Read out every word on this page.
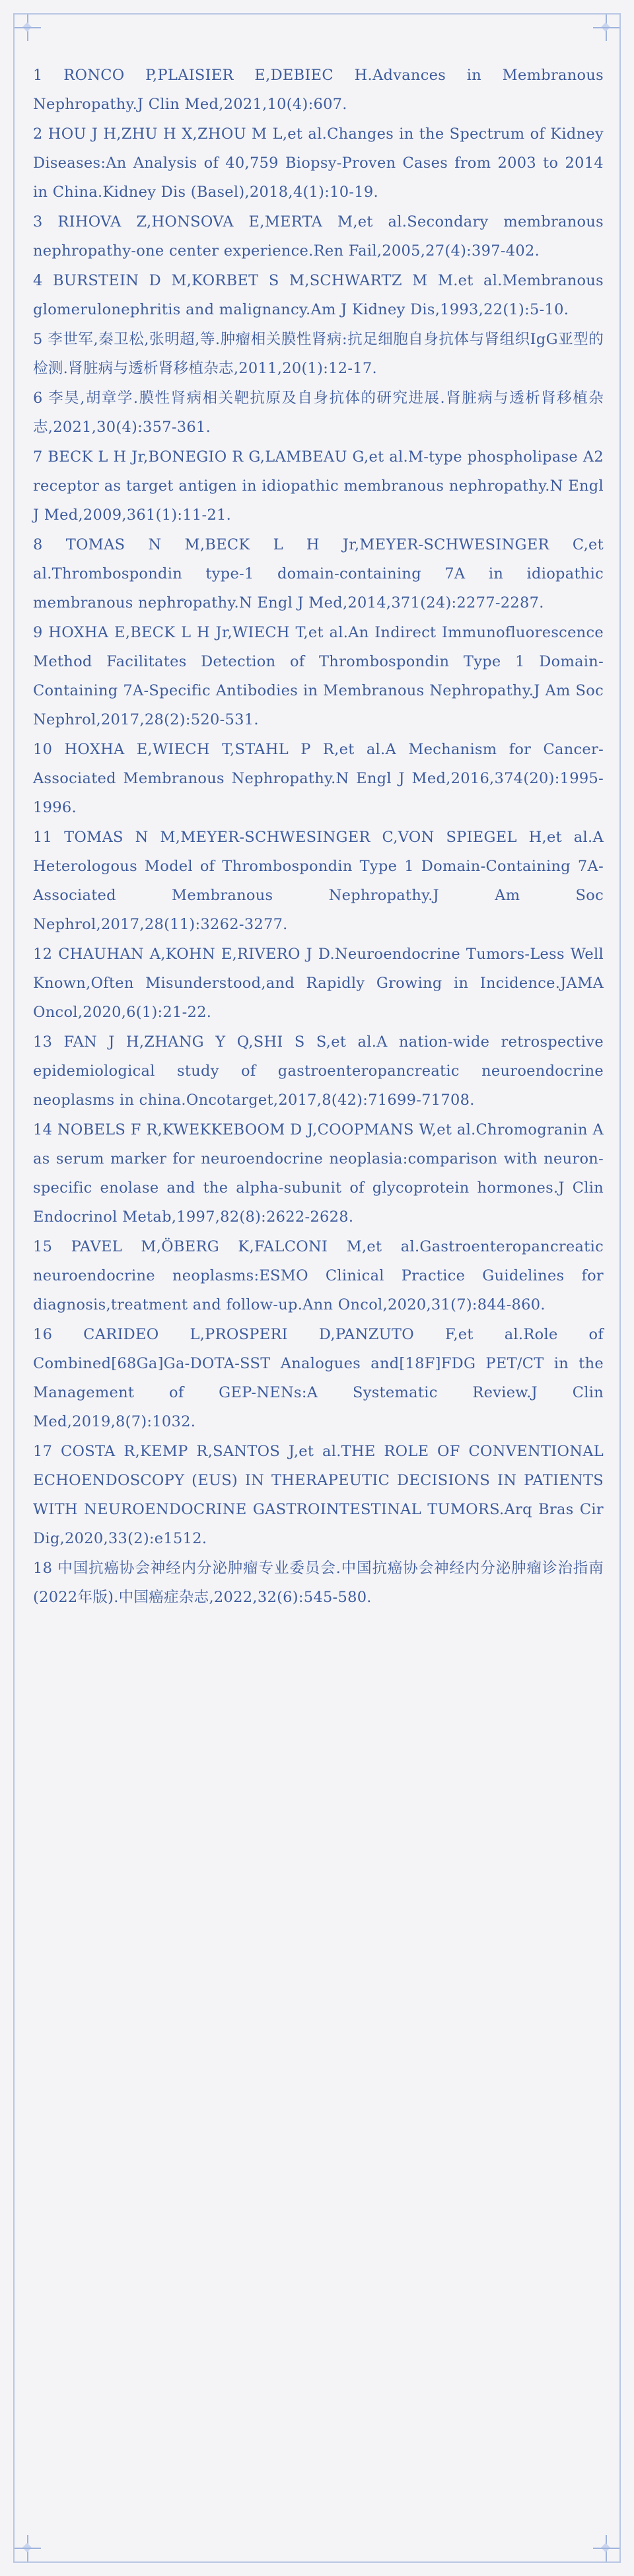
1 RONCO P,PLAISIER E,DEBIEC H.Advances in Membranous Nephropathy.J Clin Med,2021,10(4):607.

2 HOU J H,ZHU H X,ZHOU M L,et al.Changes in the Spectrum of Kidney Diseases:An Analysis of 40,759 Biopsy-Proven Cases from 2003 to 2014 in China.Kidney Dis (Basel),2018,4(1):10-19.

3 RIHOVA Z,HONSOVA E,MERTA M,et al.Secondary membranous nephropathy-one center experience.Ren Fail,2005,27(4):397-402.

4 BURSTEIN D M,KORBET S M,SCHWARTZ M M.et al.Membranous glomerulonephritis and malignancy.Am J Kidney Dis,1993,22(1):5-10.

5 李世军,秦卫松,张明超,等.肿瘤相关膜性肾病:抗足细胞自身抗体与肾组织IgG亚型的检测.肾脏病与透析肾移植杂志,2011,20(1):12-17.

6 李昊,胡章学.膜性肾病相关靶抗原及自身抗体的研究进展.肾脏病与透析肾移植杂志,2021,30(4):357-361.

7 BECK L H Jr,BONEGIO R G,LAMBEAU G,et al.M-type phospholipase A2 receptor as target antigen in idiopathic membranous nephropathy.N Engl J Med,2009,361(1):11-21.

8 TOMAS N M,BECK L H Jr,MEYER-SCHWESINGER C,et al.Thrombospondin type-1 domain-containing 7A in idiopathic membranous nephropathy.N Engl J Med,2014,371(24):2277-2287.

9 HOXHA E,BECK L H Jr,WIECH T,et al.An Indirect Immunofluorescence Method Facilitates Detection of Thrombospondin Type 1 Domain-Containing 7A-Specific Antibodies in Membranous Nephropathy.J Am Soc Nephrol,2017,28(2):520-531.

10 HOXHA E,WIECH T,STAHL P R,et al.A Mechanism for Cancer-Associated Membranous Nephropathy.N Engl J Med,2016,374(20):1995-1996.

11 TOMAS N M,MEYER-SCHWESINGER C,VON SPIEGEL H,et al.A Heterologous Model of Thrombospondin Type 1 Domain-Containing 7A-Associated Membranous Nephropathy.J Am Soc Nephrol,2017,28(11):3262-3277.

12 CHAUHAN A,KOHN E,RIVERO J D.Neuroendocrine Tumors-Less Well Known,Often Misunderstood,and Rapidly Growing in Incidence.JAMA Oncol,2020,6(1):21-22.

13 FAN J H,ZHANG Y Q,SHI S S,et al.A nation-wide retrospective epidemiological study of gastroenteropancreatic neuroendocrine neoplasms in china.Oncotarget,2017,8(42):71699-71708.

14 NOBELS F R,KWEKKEBOOM D J,COOPMANS W,et al.Chromogranin A as serum marker for neuroendocrine neoplasia:comparison with neuron-specific enolase and the alpha-subunit of glycoprotein hormones.J Clin Endocrinol Metab,1997,82(8):2622-2628.

15 PAVEL M,ÖBERG K,FALCONI M,et al.Gastroenteropancreatic neuroendocrine neoplasms:ESMO Clinical Practice Guidelines for diagnosis,treatment and follow-up.Ann Oncol,2020,31(7):844-860.

16 CARIDEO L,PROSPERI D,PANZUTO F,et al.Role of Combined[68Ga]Ga-DOTA-SST Analogues and[18F]FDG PET/CT in the Management of GEP-NENs:A Systematic Review.J Clin Med,2019,8(7):1032.

17 COSTA R,KEMP R,SANTOS J,et al.THE ROLE OF CONVENTIONAL ECHOENDOSCOPY (EUS) IN THERAPEUTIC DECISIONS IN PATIENTS WITH NEUROENDOCRINE GASTROINTESTINAL TUMORS.Arq Bras Cir Dig,2020,33(2):e1512.

18 中国抗癌协会神经内分泌肿瘤专业委员会.中国抗癌协会神经内分泌肿瘤诊治指南(2022年版).中国癌症杂志,2022,32(6):545-580.
